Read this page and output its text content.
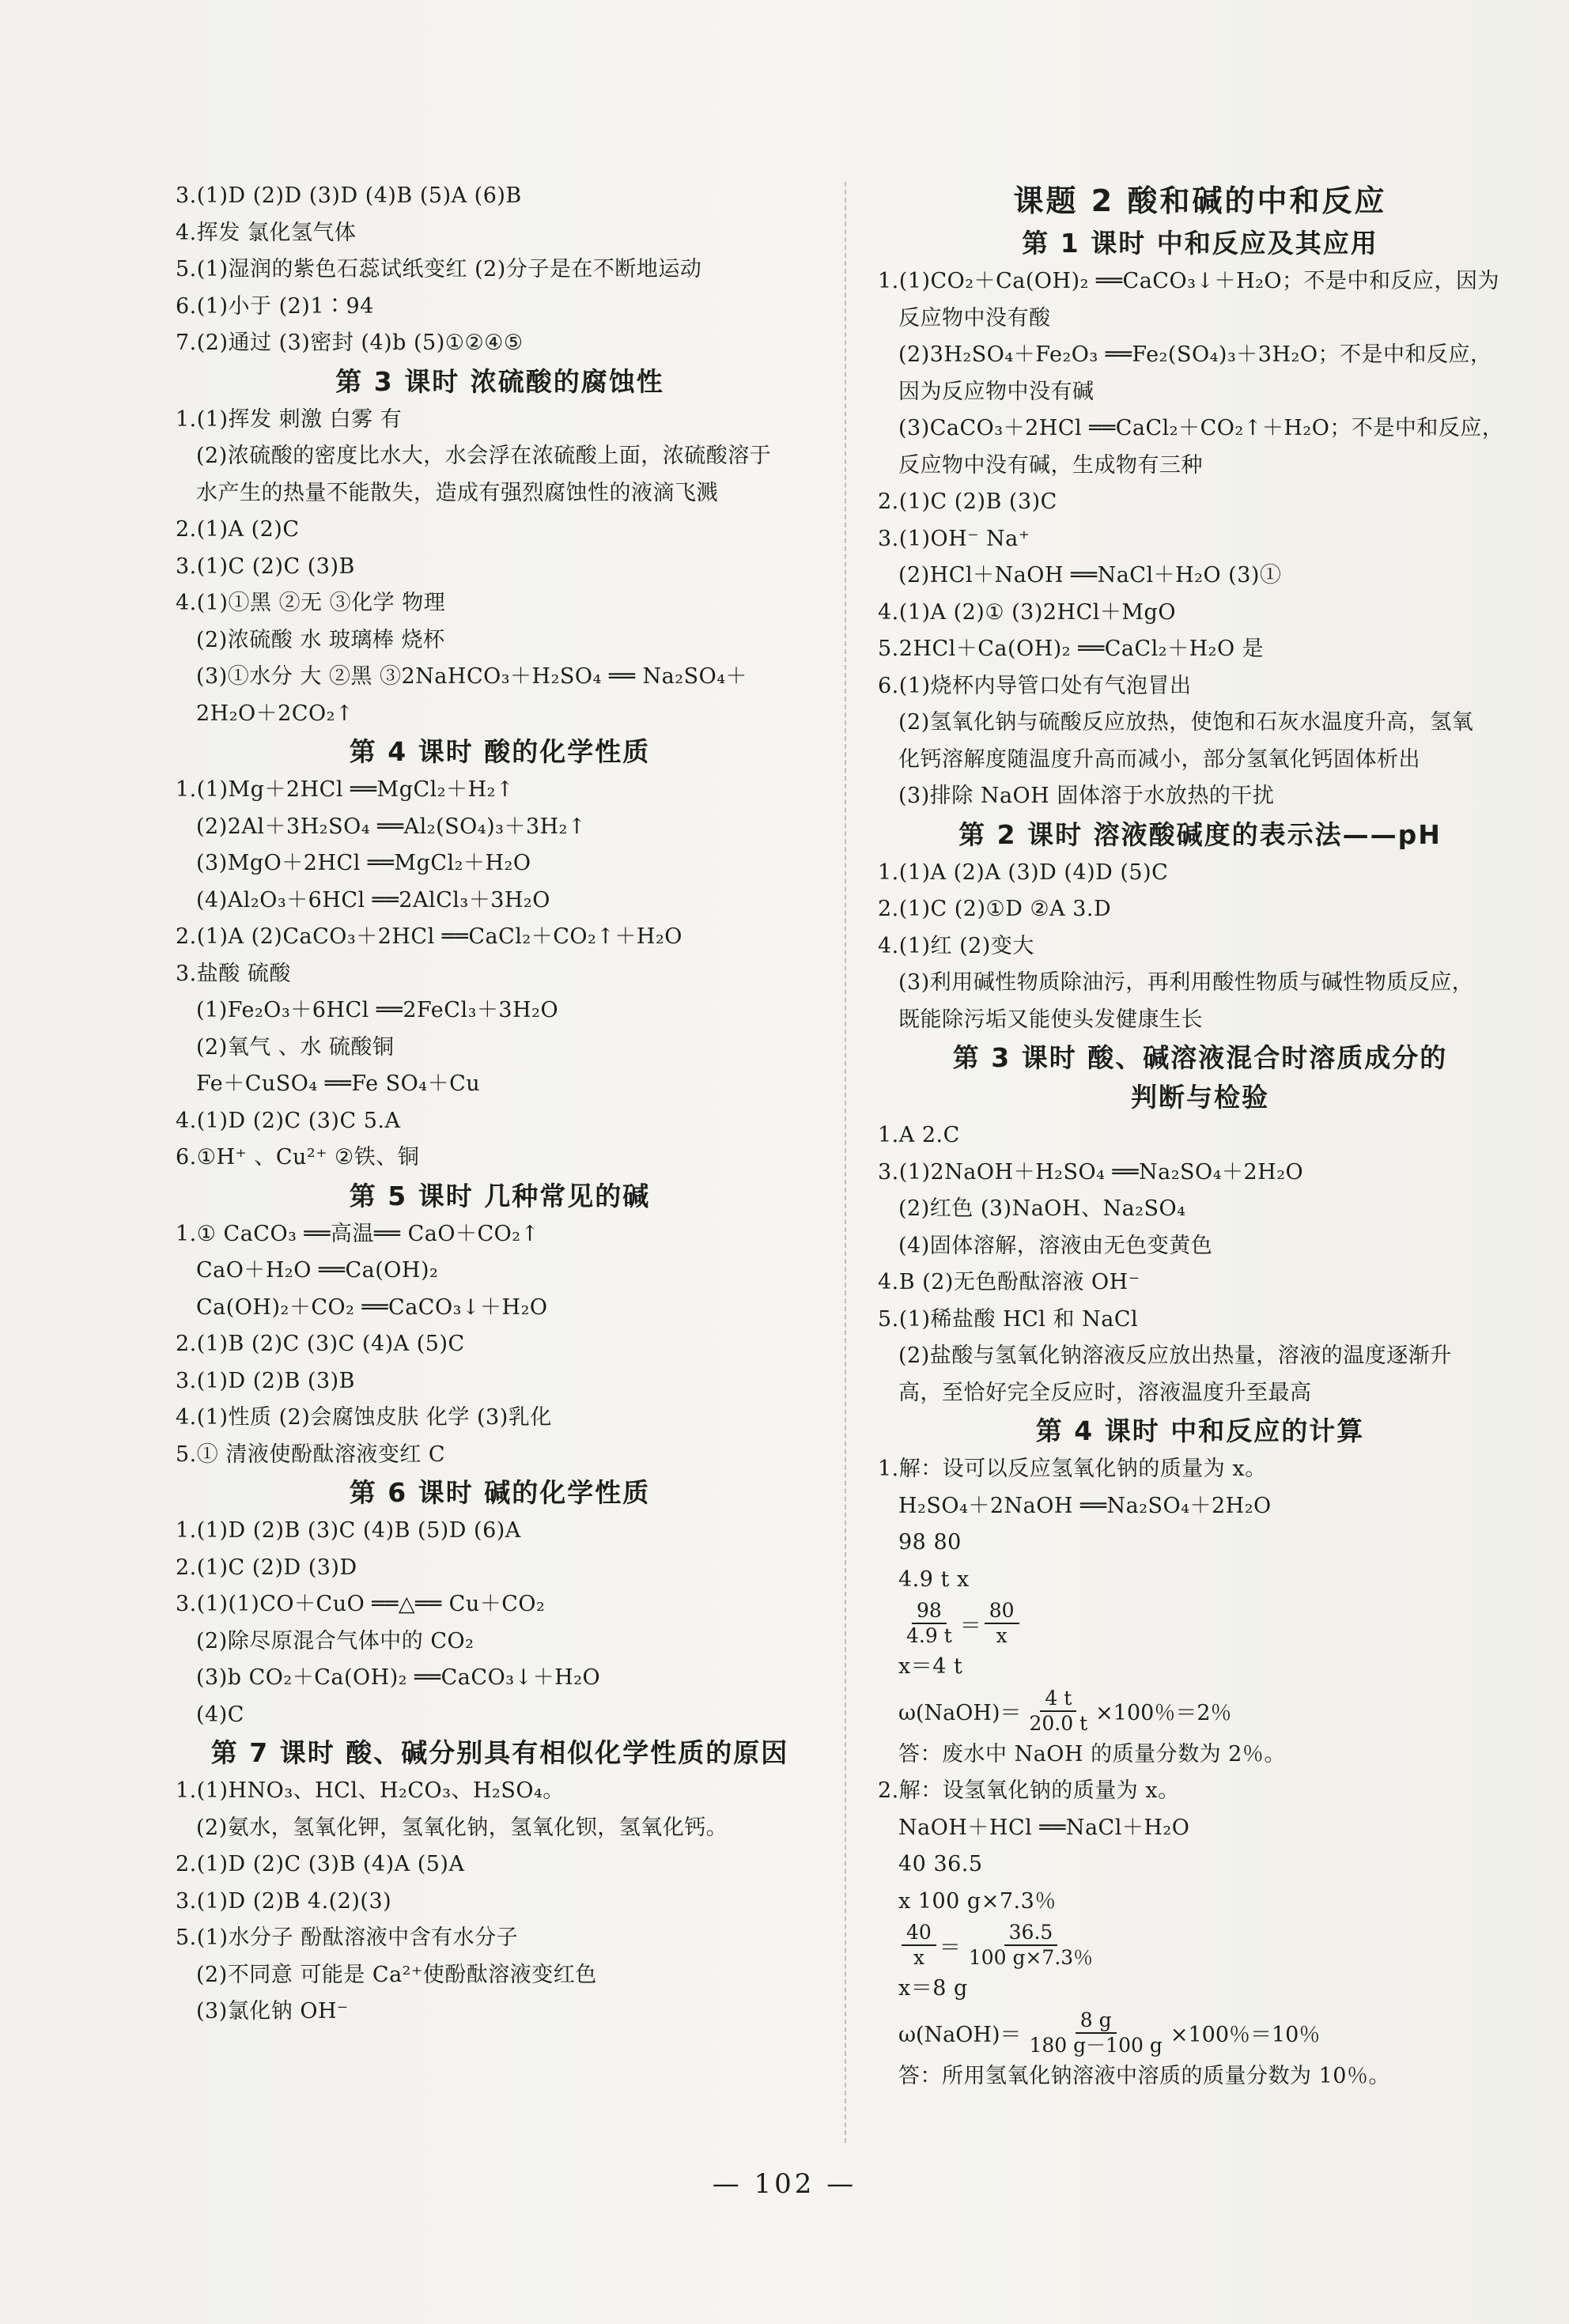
3.(1)D (2)D (3)D (4)B (5)A (6)B
4.挥发 氯化氢气体
5.(1)湿润的紫色石蕊试纸变红 (2)分子是在不断地运动
6.(1)小于 (2)1∶94
7.(2)通过 (3)密封 (4)b (5)①②④⑤
第 3 课时 浓硫酸的腐蚀性
1.(1)挥发 刺激 白雾 有
(2)浓硫酸的密度比水大，水会浮在浓硫酸上面，浓硫酸溶于
水产生的热量不能散失，造成有强烈腐蚀性的液滴飞溅
2.(1)A (2)C
3.(1)C (2)C (3)B
4.(1)①黑 ②无 ③化学 物理
(2)浓硫酸 水 玻璃棒 烧杯
(3)①水分 大 ②黑 ③2NaHCO₃＋H₂SO₄ ══ Na₂SO₄＋
2H₂O＋2CO₂↑
第 4 课时 酸的化学性质
1.(1)Mg＋2HCl ══MgCl₂＋H₂↑
(2)2Al＋3H₂SO₄ ══Al₂(SO₄)₃＋3H₂↑
(3)MgO＋2HCl ══MgCl₂＋H₂O
(4)Al₂O₃＋6HCl ══2AlCl₃＋3H₂O
2.(1)A (2)CaCO₃＋2HCl ══CaCl₂＋CO₂↑＋H₂O
3.盐酸 硫酸
(1)Fe₂O₃＋6HCl ══2FeCl₃＋3H₂O
(2)氧气 、水 硫酸铜
Fe＋CuSO₄ ══Fe SO₄＋Cu
4.(1)D (2)C (3)C 5.A
6.①H⁺ 、Cu²⁺ ②铁、铜
第 5 课时 几种常见的碱
1.① CaCO₃ ══高温══ CaO＋CO₂↑
CaO＋H₂O ══Ca(OH)₂
Ca(OH)₂＋CO₂ ══CaCO₃↓＋H₂O
2.(1)B (2)C (3)C (4)A (5)C
3.(1)D (2)B (3)B
4.(1)性质 (2)会腐蚀皮肤 化学 (3)乳化
5.① 清液使酚酞溶液变红 C
第 6 课时 碱的化学性质
1.(1)D (2)B (3)C (4)B (5)D (6)A
2.(1)C (2)D (3)D
3.(1)(1)CO＋CuO ══△══ Cu＋CO₂
(2)除尽原混合气体中的 CO₂
(3)b CO₂＋Ca(OH)₂ ══CaCO₃↓＋H₂O
(4)C
第 7 课时 酸、碱分别具有相似化学性质的原因
1.(1)HNO₃、HCl、H₂CO₃、H₂SO₄。
(2)氨水，氢氧化钾，氢氧化钠，氢氧化钡，氢氧化钙。
2.(1)D (2)C (3)B (4)A (5)A
3.(1)D (2)B 4.(2)(3)
5.(1)水分子 酚酞溶液中含有水分子
(2)不同意 可能是 Ca²⁺使酚酞溶液变红色
(3)氯化钠 OH⁻
课题 2 酸和碱的中和反应
第 1 课时 中和反应及其应用
1.(1)CO₂＋Ca(OH)₂ ══CaCO₃↓＋H₂O；不是中和反应，因为
反应物中没有酸
(2)3H₂SO₄＋Fe₂O₃ ══Fe₂(SO₄)₃＋3H₂O；不是中和反应，
因为反应物中没有碱
(3)CaCO₃＋2HCl ══CaCl₂＋CO₂↑＋H₂O；不是中和反应，
反应物中没有碱，生成物有三种
2.(1)C (2)B (3)C
3.(1)OH⁻ Na⁺
(2)HCl＋NaOH ══NaCl＋H₂O (3)①
4.(1)A (2)① (3)2HCl＋MgO
5.2HCl＋Ca(OH)₂ ══CaCl₂＋H₂O 是
6.(1)烧杯内导管口处有气泡冒出
(2)氢氧化钠与硫酸反应放热，使饱和石灰水温度升高，氢氧
化钙溶解度随温度升高而减小，部分氢氧化钙固体析出
(3)排除 NaOH 固体溶于水放热的干扰
第 2 课时 溶液酸碱度的表示法——pH
1.(1)A (2)A (3)D (4)D (5)C
2.(1)C (2)①D ②A 3.D
4.(1)红 (2)变大
(3)利用碱性物质除油污，再利用酸性物质与碱性物质反应，
既能除污垢又能使头发健康生长
第 3 课时 酸、碱溶液混合时溶质成分的
判断与检验
1.A 2.C
3.(1)2NaOH＋H₂SO₄ ══Na₂SO₄＋2H₂O
(2)红色 (3)NaOH、Na₂SO₄
(4)固体溶解，溶液由无色变黄色
4.B (2)无色酚酞溶液 OH⁻
5.(1)稀盐酸 HCl 和 NaCl
(2)盐酸与氢氧化钠溶液反应放出热量，溶液的温度逐渐升
高，至恰好完全反应时，溶液温度升至最高
第 4 课时 中和反应的计算
1.解：设可以反应氢氧化钠的质量为 x。
H₂SO₄＋2NaOH ══Na₂SO₄＋2H₂O
98 80
4.9 t x
$\frac{98}{4.9 t} = \frac{80}{x}$
x＝4 t
ω(NaOH)＝ $\frac{4 t}{20.0 t} \times 100$％＝2％
答：废水中 NaOH 的质量分数为 2％。
2.解：设氢氧化钠的质量为 x。
NaOH＋HCl ══NaCl＋H₂O
40 36.5
x 100 g×7.3％
$\frac{40}{x} = \frac{36.5}{100 g\times 7.3\%}$
x＝8 g
ω(NaOH)＝ $\frac{8 g}{180 g-100 g} \times 100$％＝10％
答：所用氢氧化钠溶液中溶质的质量分数为 10％。
— 102 —
